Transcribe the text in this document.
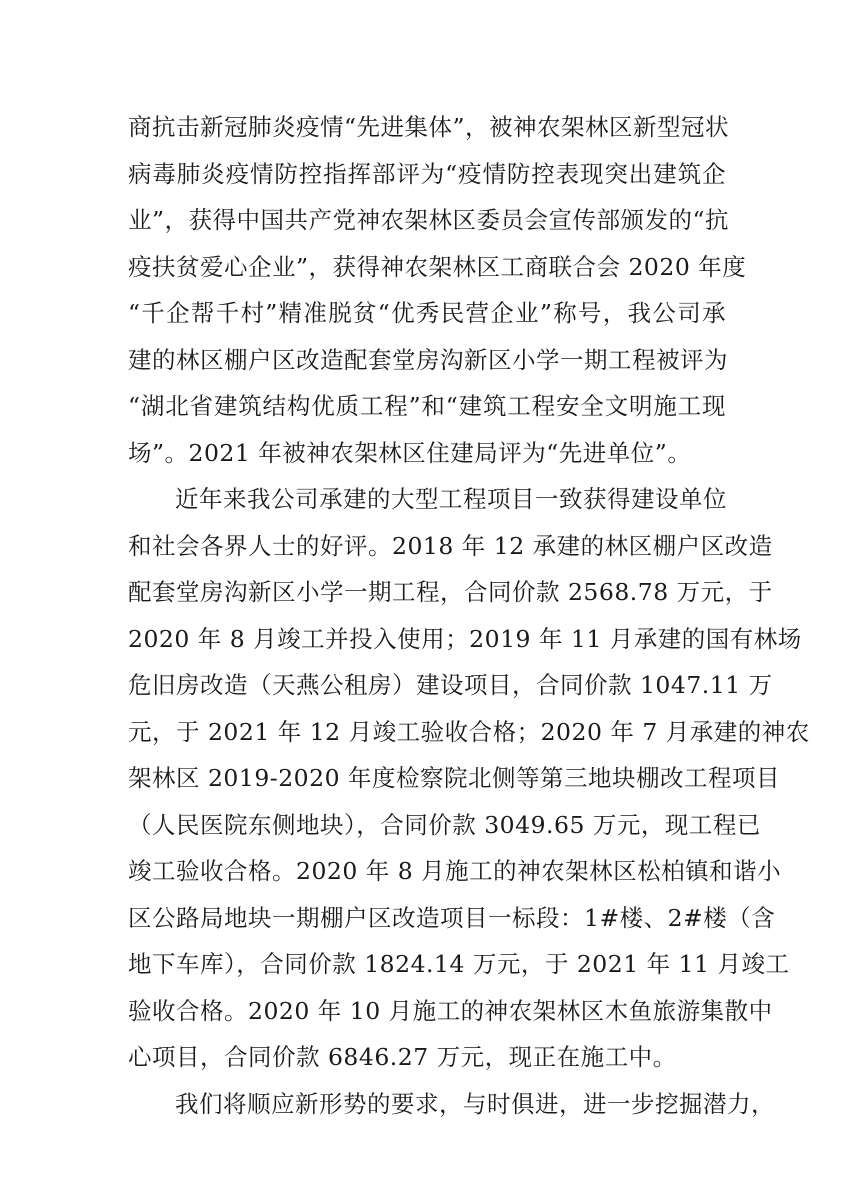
商抗击新冠肺炎疫情“先进集体”，被神农架林区新型冠状
病毒肺炎疫情防控指挥部评为“疫情防控表现突出建筑企
业”，获得中国共产党神农架林区委员会宣传部颁发的“抗
疫扶贫爱心企业”，获得神农架林区工商联合会 2020 年度
“千企帮千村”精准脱贫“优秀民营企业”称号，我公司承
建的林区棚户区改造配套堂房沟新区小学一期工程被评为
“湖北省建筑结构优质工程”和“建筑工程安全文明施工现
场”。2021 年被神农架林区住建局评为“先进单位”。
近年来我公司承建的大型工程项目一致获得建设单位
和社会各界人士的好评。2018 年 12 承建的林区棚户区改造
配套堂房沟新区小学一期工程，合同价款 2568.78 万元，于
2020 年 8 月竣工并投入使用；2019 年 11 月承建的国有林场
危旧房改造（天燕公租房）建设项目，合同价款 1047.11 万
元，于 2021 年 12 月竣工验收合格；2020 年 7 月承建的神农
架林区 2019-2020 年度检察院北侧等第三地块棚改工程项目
（人民医院东侧地块），合同价款 3049.65 万元，现工程已
竣工验收合格。2020 年 8 月施工的神农架林区松柏镇和谐小
区公路局地块一期棚户区改造项目一标段：1#楼、2#楼（含
地下车库），合同价款 1824.14 万元，于 2021 年 11 月竣工
验收合格。2020 年 10 月施工的神农架林区木鱼旅游集散中
心项目，合同价款 6846.27 万元，现正在施工中。
我们将顺应新形势的要求，与时俱进，进一步挖掘潜力，
